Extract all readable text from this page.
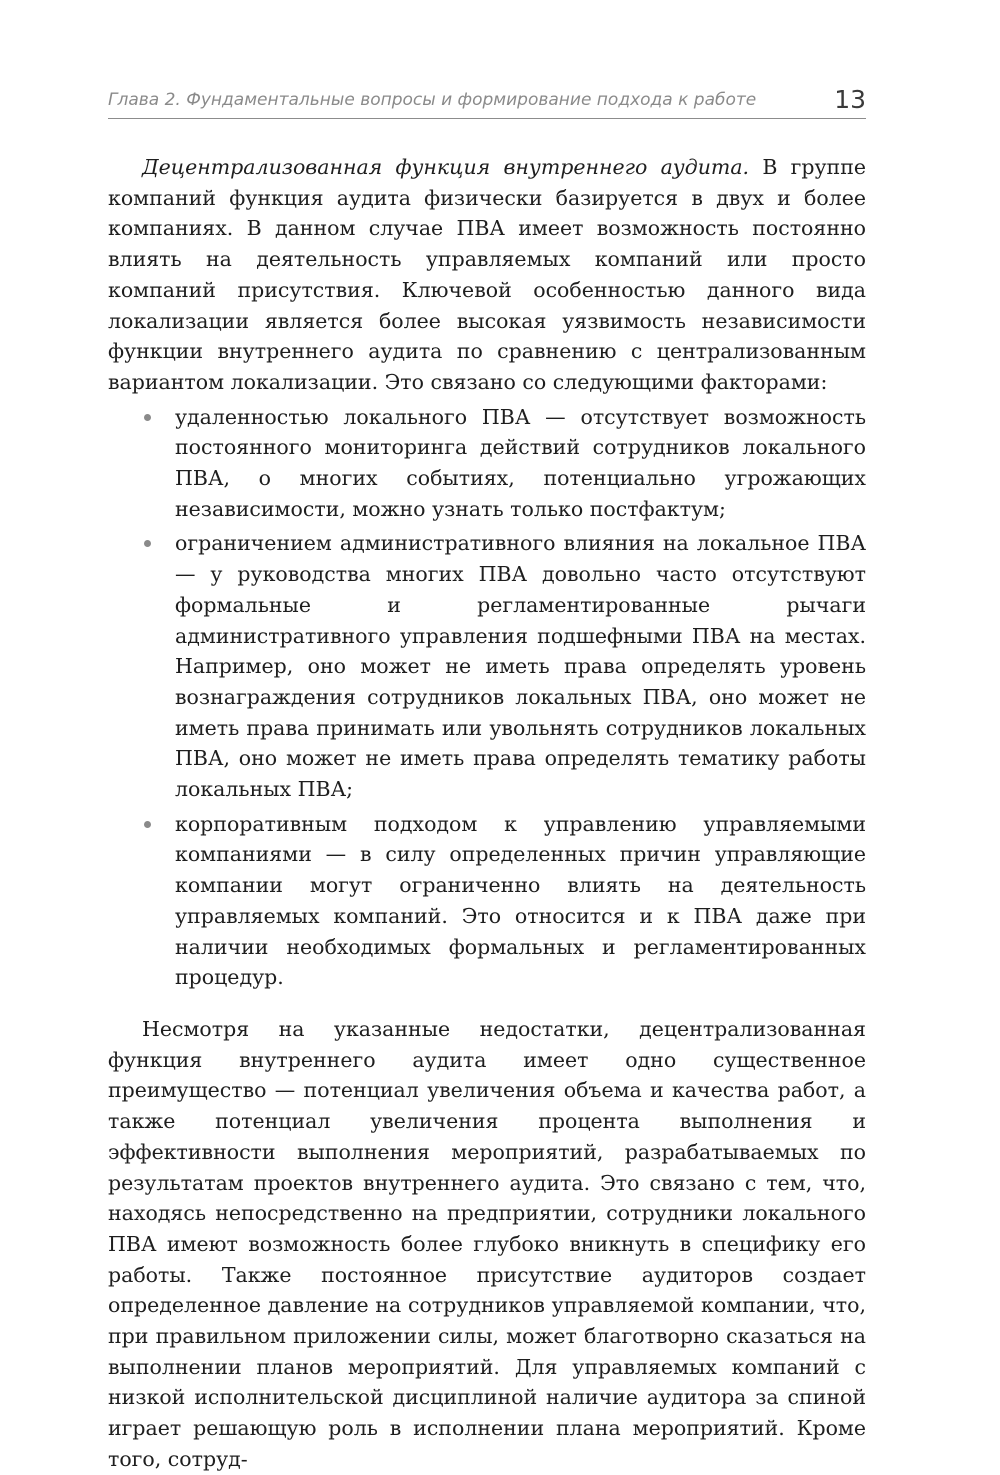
Глава 2. Фундаментальные вопросы и формирование подхода к работе	13

Децентрализованная функция внутреннего аудита. В группе компаний функция аудита физически базируется в двух и более компаниях. В данном случае ПВА имеет возможность постоянно влиять на деятельность управляемых компаний или просто компаний присутствия. Ключевой особенностью данного вида локализации является более высокая уязвимость независимости функции внутреннего аудита по сравнению с централизованным вариантом локализации. Это связано со следующими факторами:

удаленностью локального ПВА — отсутствует возможность постоянного мониторинга действий сотрудников локального ПВА, о многих событиях, потенциально угрожающих независимости, можно узнать только постфактум;
ограничением административного влияния на локальное ПВА — у руководства многих ПВА довольно часто отсутствуют формальные и регламентированные рычаги административного управления подшефными ПВА на местах. Например, оно может не иметь права определять уровень вознаграждения сотрудников локальных ПВА, оно может не иметь права принимать или увольнять сотрудников локальных ПВА, оно может не иметь права определять тематику работы локальных ПВА;
корпоративным подходом к управлению управляемыми компаниями — в силу определенных причин управляющие компании могут ограниченно влиять на деятельность управляемых компаний. Это относится и к ПВА даже при наличии необходимых формальных и регламентированных процедур.

Несмотря на указанные недостатки, децентрализованная функция внутреннего аудита имеет одно существенное преимущество — потенциал увеличения объема и качества работ, а также потенциал увеличения процента выполнения и эффективности выполнения мероприятий, разрабатываемых по результатам проектов внутреннего аудита. Это связано с тем, что, находясь непосредственно на предприятии, сотрудники локального ПВА имеют возможность более глубоко вникнуть в специфику его работы. Также постоянное присутствие аудиторов создает определенное давление на сотрудников управляемой компании, что, при правильном приложении силы, может благотворно сказаться на выполнении планов мероприятий. Для управляемых компаний с низкой исполнительской дисциплиной наличие аудитора за спиной играет решающую роль в исполнении плана мероприятий. Кроме того, сотруд-
